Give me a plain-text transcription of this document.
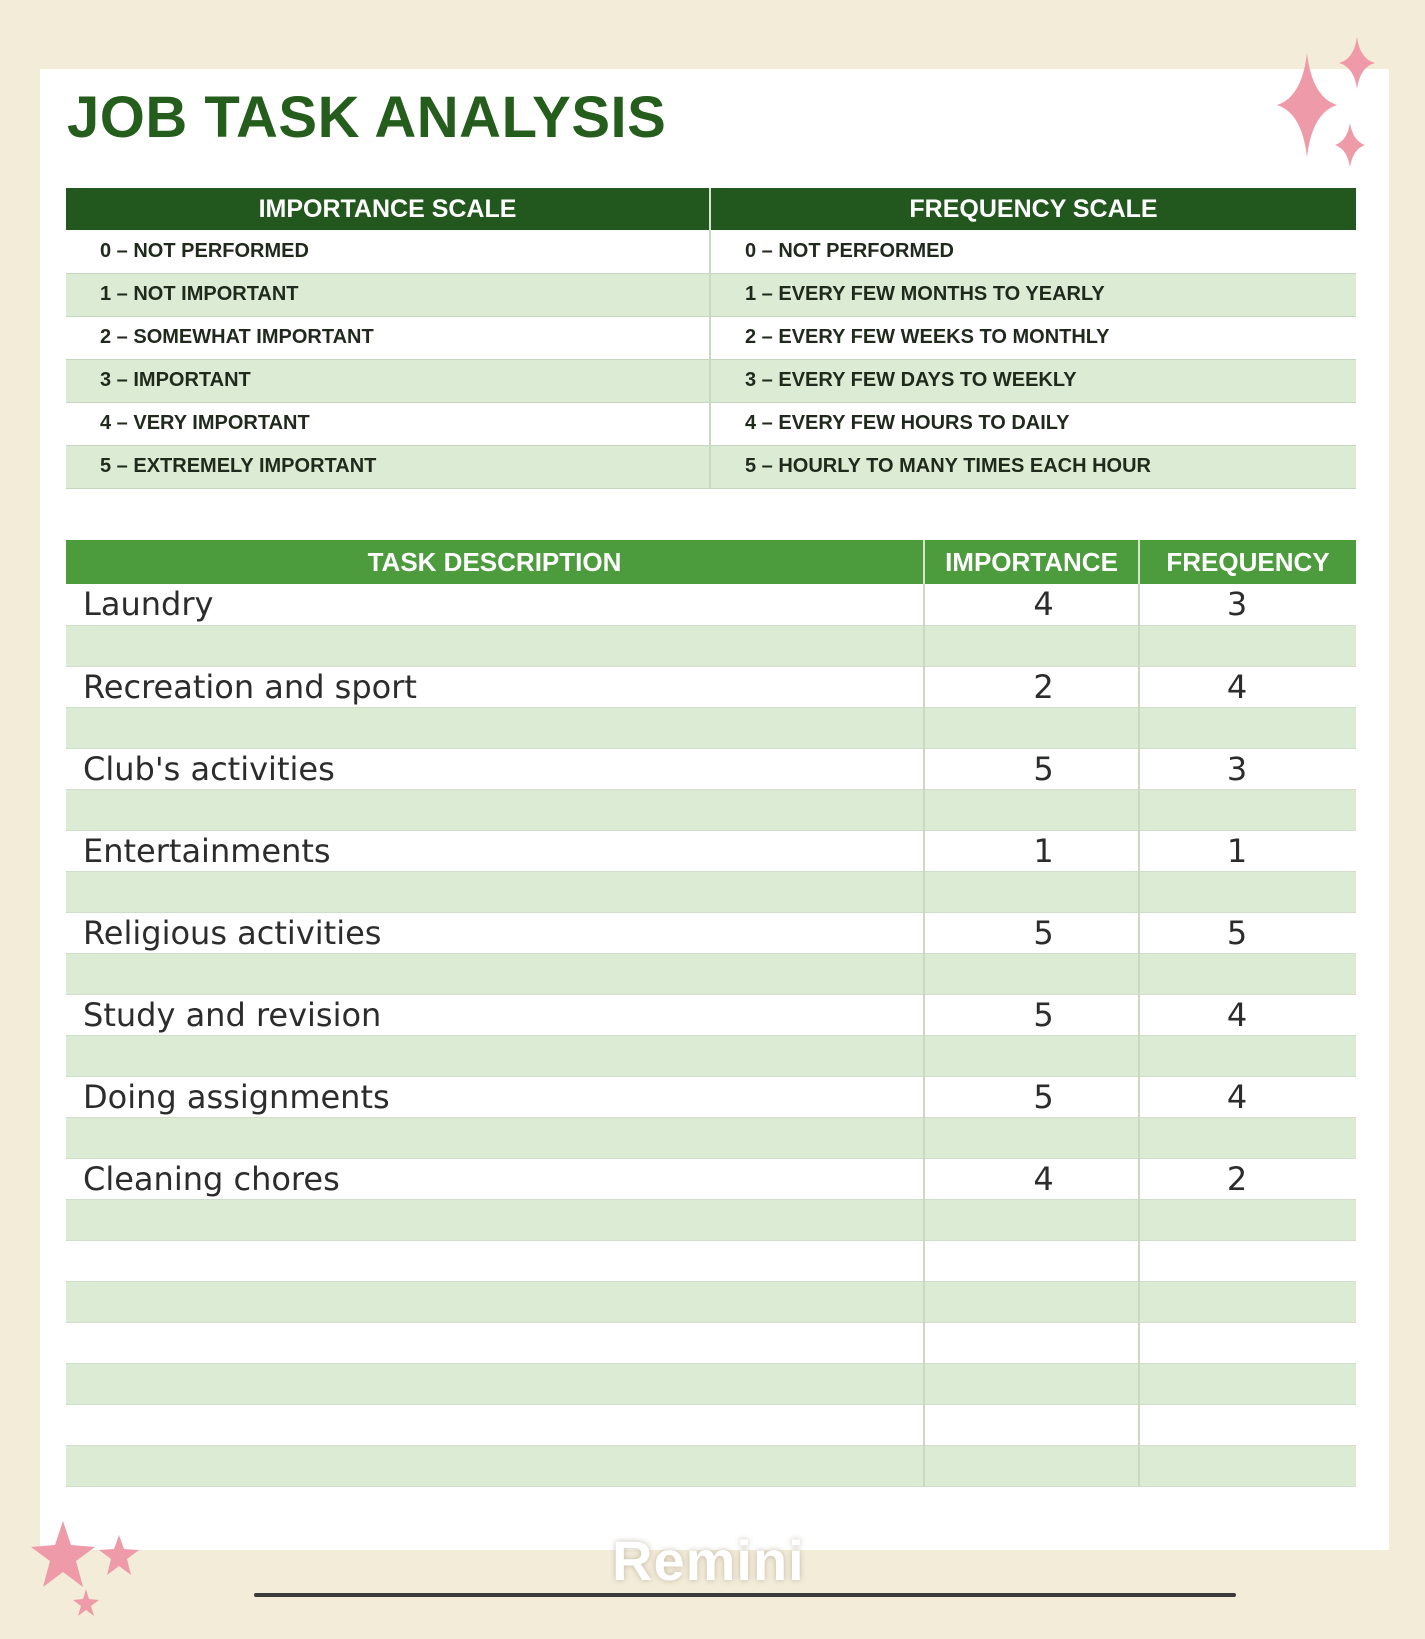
JOB TASK ANALYSIS
IMPORTANCE SCALE	FREQUENCY SCALE
0 – NOT PERFORMED	0 – NOT PERFORMED
1 – NOT IMPORTANT	1 – EVERY FEW MONTHS TO YEARLY
2 – SOMEWHAT IMPORTANT	2 – EVERY FEW WEEKS TO MONTHLY
3 – IMPORTANT	3 – EVERY FEW DAYS TO WEEKLY
4 – VERY IMPORTANT	4 – EVERY FEW HOURS TO DAILY
5 – EXTREMELY IMPORTANT	5 – HOURLY TO MANY TIMES EACH HOUR
TASK DESCRIPTION	IMPORTANCE	FREQUENCY
Laundry	4	3

Recreation and sport	2	4

Club's activities	5	3

Entertainments	1	1

Religious activities	5	5

Study and revision	5	4

Doing assignments	5	4

Cleaning chores	4	2

Remini
